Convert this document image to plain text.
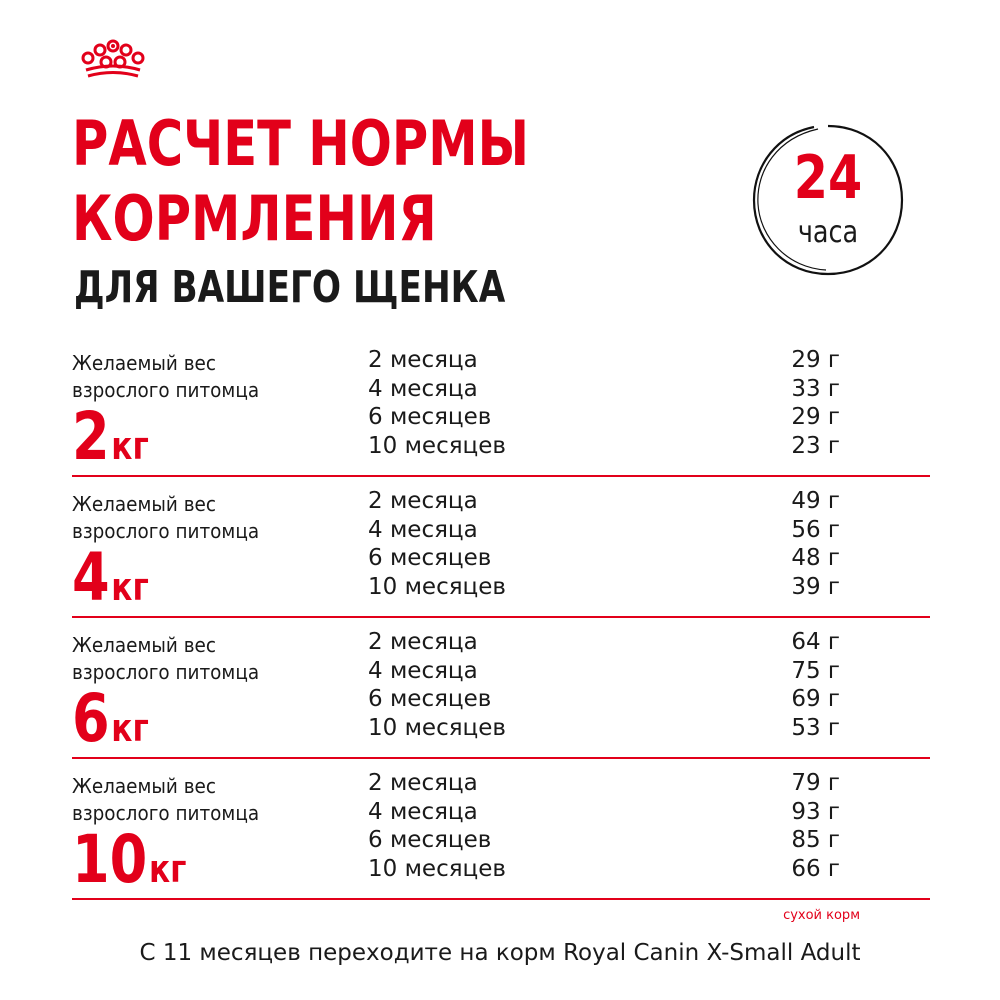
РАСЧЕТ НОРМЫ
КОРМЛЕНИЯ
ДЛЯ ВАШЕГО ЩЕНКА
24
часа
Желаемый вес взрослого питомца
2кг
2 месяца
4 месяца
6 месяцев
10 месяцев
29 г
33 г
29 г
23 г
Желаемый вес взрослого питомца
4кг
2 месяца
4 месяца
6 месяцев
10 месяцев
49 г
56 г
48 г
39 г
Желаемый вес взрослого питомца
6кг
2 месяца
4 месяца
6 месяцев
10 месяцев
64 г
75 г
69 г
53 г
Желаемый вес взрослого питомца
10кг
2 месяца
4 месяца
6 месяцев
10 месяцев
79 г
93 г
85 г
66 г
сухой корм
С 11 месяцев переходите на корм Royal Canin X-Small Adult
